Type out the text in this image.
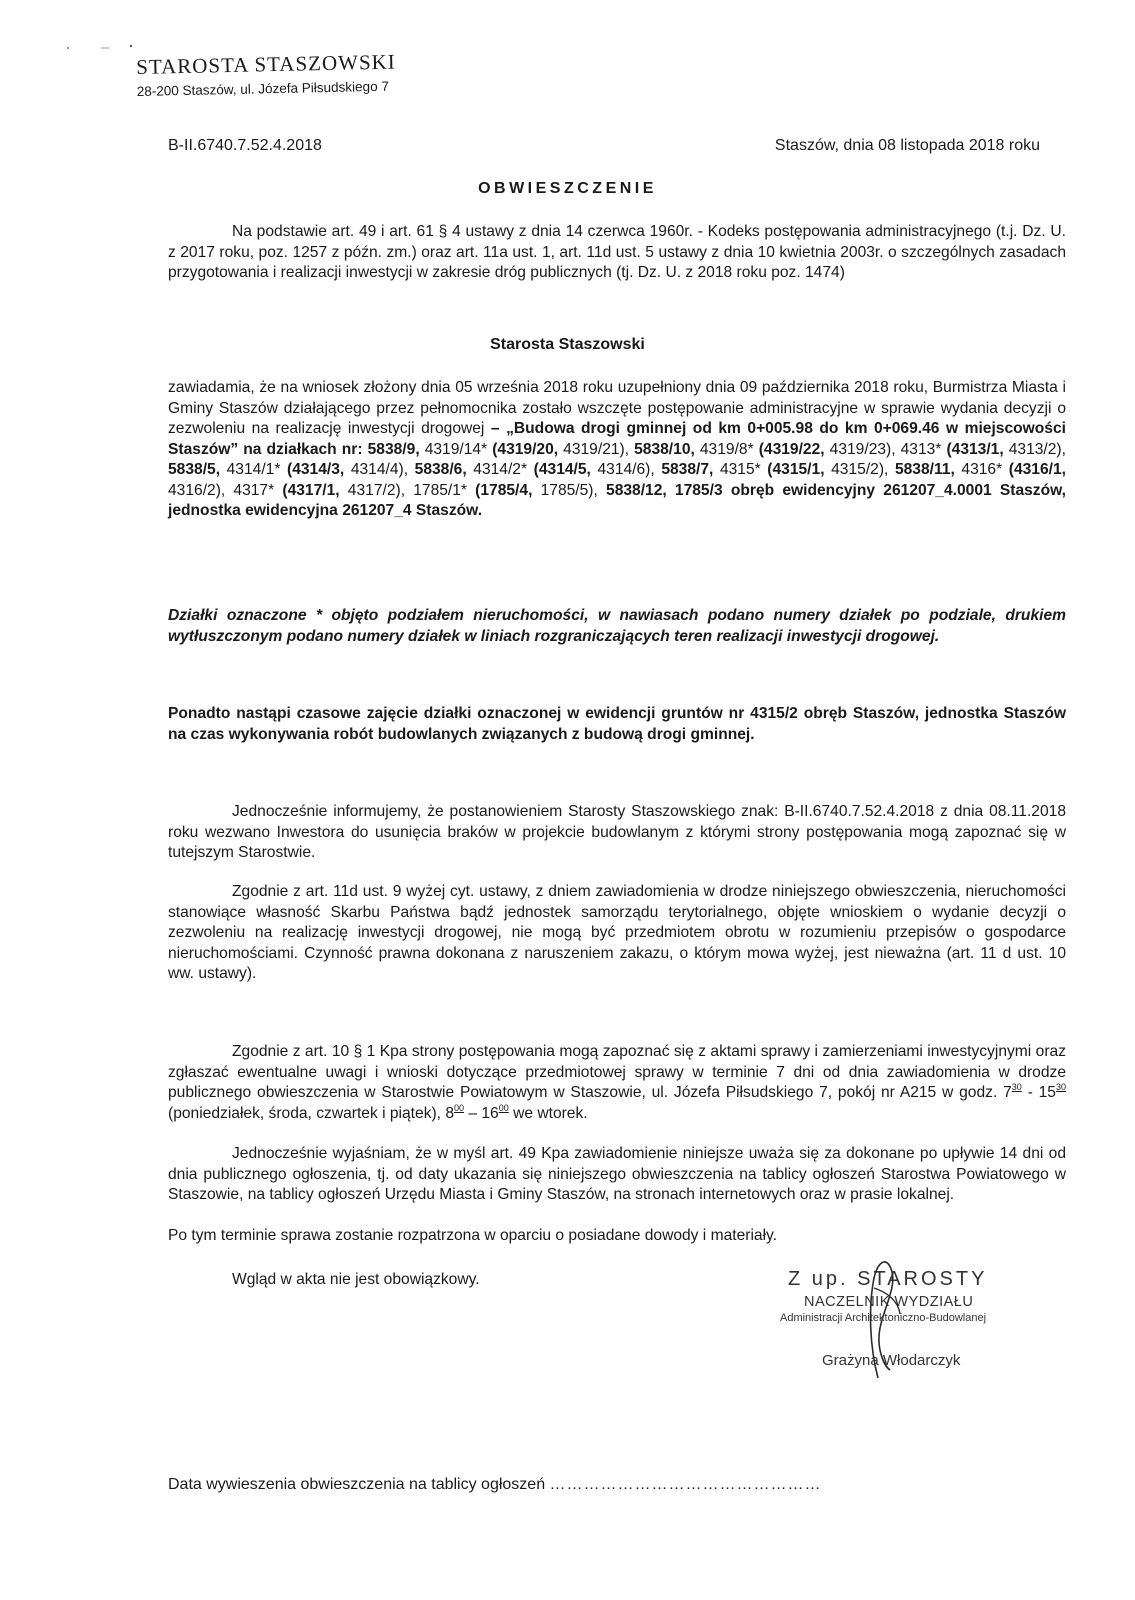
STAROSTA STASZOWSKI
28-200 Staszów, ul. Józefa Piłsudskiego 7
B-II.6740.7.52.4.2018	Staszów, dnia 08 listopada 2018 roku
OBWIESZCZENIE

Na podstawie art. 49 i art. 61 § 4 ustawy z dnia 14 czerwca 1960r. - Kodeks postępowania administracyjnego (t.j. Dz. U. z 2017 roku, poz. 1257 z późn. zm.) oraz art. 11a ust. 1, art. 11d ust. 5 ustawy z dnia 10 kwietnia 2003r. o szczególnych zasadach przygotowania i realizacji inwestycji w zakresie dróg publicznych (tj. Dz. U. z 2018 roku poz. 1474)

Starosta Staszowski

zawiadamia, że na wniosek złożony dnia 05 września 2018 roku uzupełniony dnia 09 października 2018 roku, Burmistrza Miasta i Gminy Staszów działającego przez pełnomocnika zostało wszczęte postępowanie administracyjne w sprawie wydania decyzji o zezwoleniu na realizację inwestycji drogowej – „Budowa drogi gminnej od km 0+005.98 do km 0+069.46 w miejscowości Staszów” na działkach nr: 5838/9, 4319/14* (4319/20, 4319/21), 5838/10, 4319/8* (4319/22, 4319/23), 4313* (4313/1, 4313/2), 5838/5, 4314/1* (4314/3, 4314/4), 5838/6, 4314/2* (4314/5, 4314/6), 5838/7, 4315* (4315/1, 4315/2), 5838/11, 4316* (4316/1, 4316/2), 4317* (4317/1, 4317/2), 1785/1* (1785/4, 1785/5), 5838/12, 1785/3 obręb ewidencyjny 261207_4.0001 Staszów, jednostka ewidencyjna 261207_4 Staszów.

Działki oznaczone * objęto podziałem nieruchomości, w nawiasach podano numery działek po podziale, drukiem wytłuszczonym podano numery działek w liniach rozgraniczających teren realizacji inwestycji drogowej.

Ponadto nastąpi czasowe zajęcie działki oznaczonej w ewidencji gruntów nr 4315/2 obręb Staszów, jednostka Staszów na czas wykonywania robót budowlanych związanych z budową drogi gminnej.

Jednocześnie informujemy, że postanowieniem Starosty Staszowskiego znak: B-II.6740.7.52.4.2018 z dnia 08.11.2018 roku wezwano Inwestora do usunięcia braków w projekcie budowlanym z którymi strony postępowania mogą zapoznać się w tutejszym Starostwie.

Zgodnie z art. 11d ust. 9 wyżej cyt. ustawy, z dniem zawiadomienia w drodze niniejszego obwieszczenia, nieruchomości stanowiące własność Skarbu Państwa bądź jednostek samorządu terytorialnego, objęte wnioskiem o wydanie decyzji o zezwoleniu na realizację inwestycji drogowej, nie mogą być przedmiotem obrotu w rozumieniu przepisów o gospodarce nieruchomościami. Czynność prawna dokonana z naruszeniem zakazu, o którym mowa wyżej, jest nieważna (art. 11 d ust. 10 ww. ustawy).

Zgodnie z art. 10 § 1 Kpa strony postępowania mogą zapoznać się z aktami sprawy i zamierzeniami inwestycyjnymi oraz zgłaszać ewentualne uwagi i wnioski dotyczące przedmiotowej sprawy w terminie 7 dni od dnia zawiadomienia w drodze publicznego obwieszczenia w Starostwie Powiatowym w Staszowie, ul. Józefa Piłsudskiego 7, pokój nr A215 w godz. $7^{30} - 15^{30}$ (poniedziałek, środa, czwartek i piątek), $8^{00} - 16^{00}$ we wtorek.

Jednocześnie wyjaśniam, że w myśl art. 49 Kpa zawiadomienie niniejsze uważa się za dokonane po upływie 14 dni od dnia publicznego ogłoszenia, tj. od daty ukazania się niniejszego obwieszczenia na tablicy ogłoszeń Starostwa Powiatowego w Staszowie, na tablicy ogłoszeń Urzędu Miasta i Gminy Staszów, na stronach internetowych oraz w prasie lokalnej.

Po tym terminie sprawa zostanie rozpatrzona w oparciu o posiadane dowody i materiały.

Wgląd w akta nie jest obowiązkowy.	Z up. STAROSTY
NACZELNIK WYDZIAŁU
Administracji Architektoniczno-Budowlanej
Grażyna Włodarczyk
Data wywieszenia obwieszczenia na tablicy ogłoszeń …………………………………………
